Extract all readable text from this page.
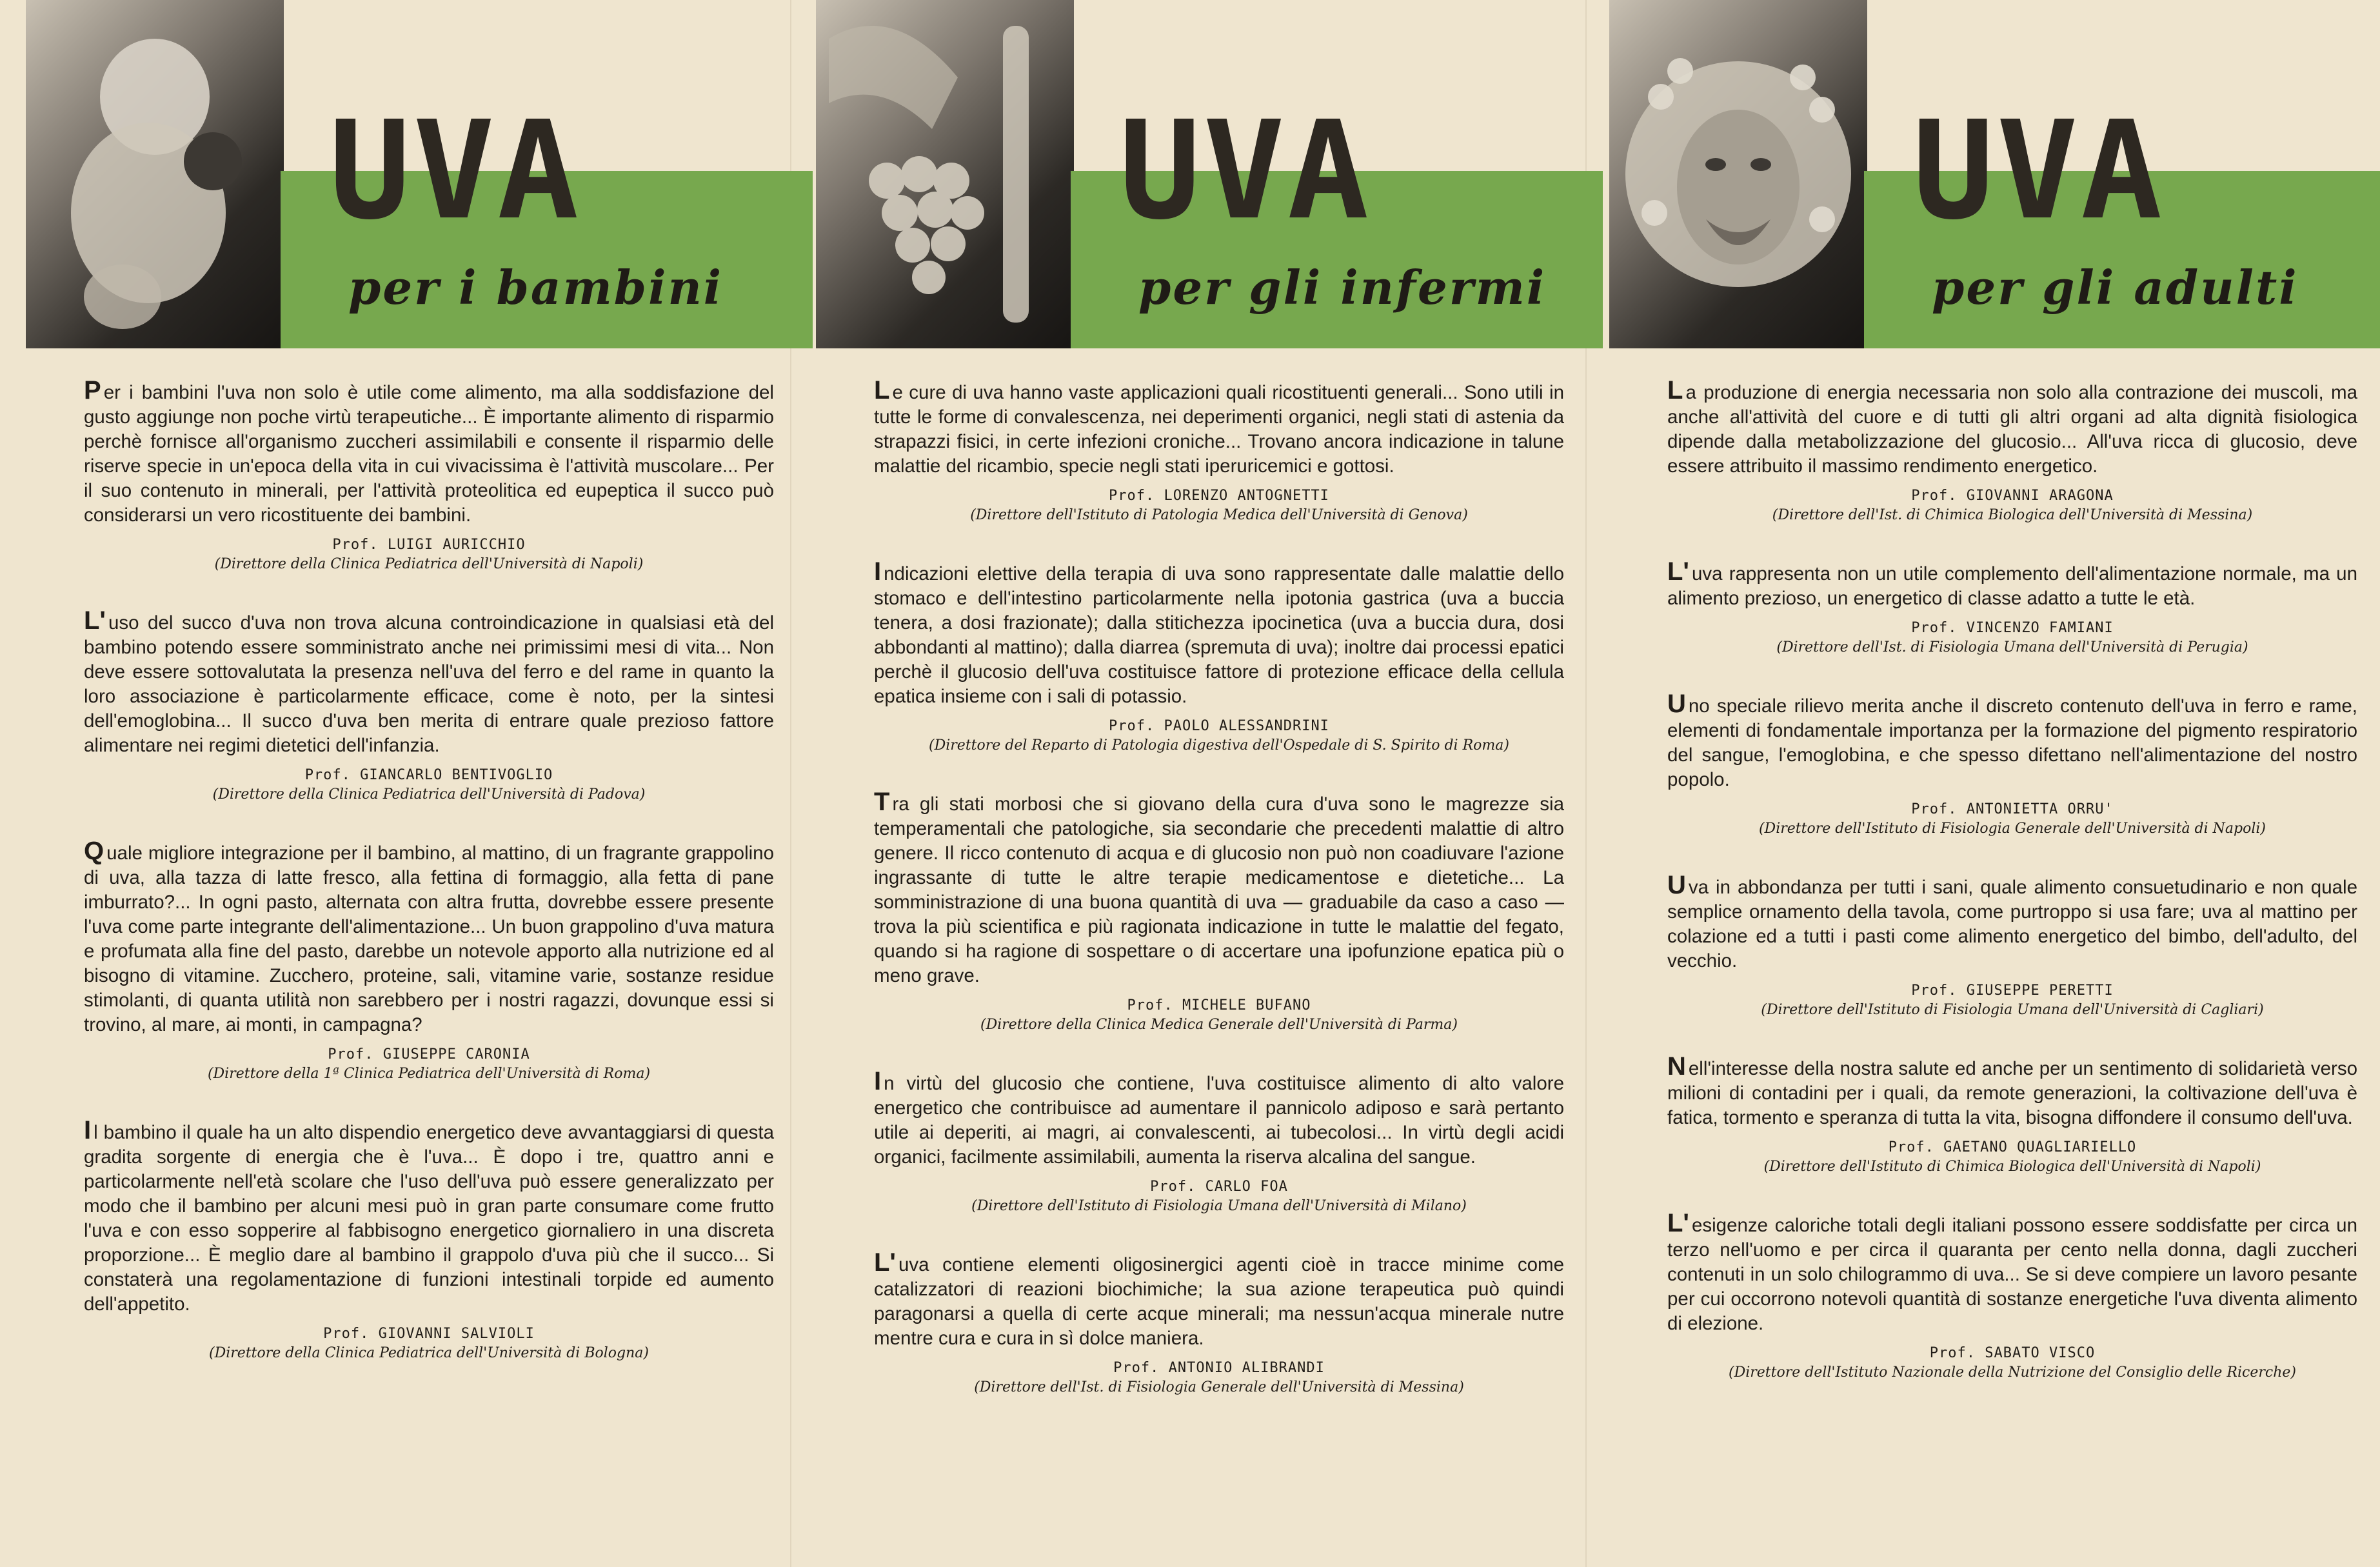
UVA
per i bambini

P er i bambini l'uva non solo è utile come alimento, ma alla soddisfazione del gusto aggiunge non poche virtù terapeutiche... È importante alimento di risparmio perchè fornisce all'organismo zuccheri assimilabili e consente il risparmio delle riserve specie in un'epoca della vita in cui vivacissima è l'attività muscolare... Per il suo contenuto in minerali, per l'attività proteolitica ed eupeptica il succo può considerarsi un vero ricostituente dei bambini.

Prof. LUIGI AURICCHIO
(Direttore della Clinica Pediatrica dell'Università di Napoli)

L' uso del succo d'uva non trova alcuna controindicazione in qualsiasi età del bambino potendo essere somministrato anche nei primissimi mesi di vita... Non deve essere sottovalutata la presenza nell'uva del ferro e del rame in quanto la loro associazione è particolarmente efficace, come è noto, per la sintesi dell'emoglobina... Il succo d'uva ben merita di entrare quale prezioso fattore alimentare nei regimi dietetici dell'infanzia.

Prof. GIANCARLO BENTIVOGLIO
(Direttore della Clinica Pediatrica dell'Università di Padova)

Q uale migliore integrazione per il bambino, al mattino, di un fragrante grappolino di uva, alla tazza di latte fresco, alla fettina di formaggio, alla fetta di pane imburrato?... In ogni pasto, alternata con altra frutta, dovrebbe essere presente l'uva come parte integrante dell'alimentazione... Un buon grappolino d'uva matura e profumata alla fine del pasto, darebbe un notevole apporto alla nutrizione ed al bisogno di vitamine. Zucchero, proteine, sali, vitamine varie, sostanze residue stimolanti, di quanta utilità non sarebbero per i nostri ragazzi, dovunque essi si trovino, al mare, ai monti, in campagna?

Prof. GIUSEPPE CARONIA
(Direttore della 1ª Clinica Pediatrica dell'Università di Roma)

I l bambino il quale ha un alto dispendio energetico deve avvantaggiarsi di questa gradita sorgente di energia che è l'uva... È dopo i tre, quattro anni e particolarmente nell'età scolare che l'uso dell'uva può essere generalizzato per modo che il bambino per alcuni mesi può in gran parte consumare come frutto l'uva e con esso sopperire al fabbisogno energetico giornaliero in una discreta proporzione... È meglio dare al bambino il grappolo d'uva più che il succo... Si constaterà una regolamentazione di funzioni intestinali torpide ed aumento dell'appetito.

Prof. GIOVANNI SALVIOLI
(Direttore della Clinica Pediatrica dell'Università di Bologna)
UVA
per gli infermi

L e cure di uva hanno vaste applicazioni quali ricostituenti generali... Sono utili in tutte le forme di convalescenza, nei deperimenti organici, negli stati di astenia da strapazzi fisici, in certe infezioni croniche... Trovano ancora indicazione in talune malattie del ricambio, specie negli stati iperuricemici e gottosi.

Prof. LORENZO ANTOGNETTI
(Direttore dell'Istituto di Patologia Medica dell'Università di Genova)

I ndicazioni elettive della terapia di uva sono rappresentate dalle malattie dello stomaco e dell'intestino particolarmente nella ipotonia gastrica (uva a buccia tenera, a dosi frazionate); dalla stitichezza ipocinetica (uva a buccia dura, dosi abbondanti al mattino); dalla diarrea (spremuta di uva); inoltre dai processi epatici perchè il glucosio dell'uva costituisce fattore di protezione efficace della cellula epatica insieme con i sali di potassio.

Prof. PAOLO ALESSANDRINI
(Direttore del Reparto di Patologia digestiva dell'Ospedale di S. Spirito di Roma)

T ra gli stati morbosi che si giovano della cura d'uva sono le magrezze sia temperamentali che patologiche, sia secondarie che precedenti malattie di altro genere. Il ricco contenuto di acqua e di glucosio non può non coadiuvare l'azione ingrassante di tutte le altre terapie medicamentose e dietetiche... La somministrazione di una buona quantità di uva — graduabile da caso a caso — trova la più scientifica e più ragionata indicazione in tutte le malattie del fegato, quando si ha ragione di sospettare o di accertare una ipofunzione epatica più o meno grave.

Prof. MICHELE BUFANO
(Direttore della Clinica Medica Generale dell'Università di Parma)

I n virtù del glucosio che contiene, l'uva costituisce alimento di alto valore energetico che contribuisce ad aumentare il pannicolo adiposo e sarà pertanto utile ai deperiti, ai magri, ai convalescenti, ai tubecolosi... In virtù degli acidi organici, facilmente assimilabili, aumenta la riserva alcalina del sangue.

Prof. CARLO FOA
(Direttore dell'Istituto di Fisiologia Umana dell'Università di Milano)

L' uva contiene elementi oligosinergici agenti cioè in tracce minime come catalizzatori di reazioni biochimiche; la sua azione terapeutica può quindi paragonarsi a quella di certe acque minerali; ma nessun'acqua minerale nutre mentre cura e cura in sì dolce maniera.

Prof. ANTONIO ALIBRANDI
(Direttore dell'Ist. di Fisiologia Generale dell'Università di Messina)
UVA
per gli adulti

L a produzione di energia necessaria non solo alla contrazione dei muscoli, ma anche all'attività del cuore e di tutti gli altri organi ad alta dignità fisiologica dipende dalla metabolizzazione del glucosio... All'uva ricca di glucosio, deve essere attribuito il massimo rendimento energetico.

Prof. GIOVANNI ARAGONA
(Direttore dell'Ist. di Chimica Biologica dell'Università di Messina)

L' uva rappresenta non un utile complemento dell'alimentazione normale, ma un alimento prezioso, un energetico di classe adatto a tutte le età.

Prof. VINCENZO FAMIANI
(Direttore dell'Ist. di Fisiologia Umana dell'Università di Perugia)

U no speciale rilievo merita anche il discreto contenuto dell'uva in ferro e rame, elementi di fondamentale importanza per la formazione del pigmento respiratorio del sangue, l'emoglobina, e che spesso difettano nell'alimentazione del nostro popolo.

Prof. ANTONIETTA ORRU'
(Direttore dell'Istituto di Fisiologia Generale dell'Università di Napoli)

U va in abbondanza per tutti i sani, quale alimento consuetudinario e non quale semplice ornamento della tavola, come purtroppo si usa fare; uva al mattino per colazione ed a tutti i pasti come alimento energetico del bimbo, dell'adulto, del vecchio.

Prof. GIUSEPPE PERETTI
(Direttore dell'Istituto di Fisiologia Umana dell'Università di Cagliari)

N ell'interesse della nostra salute ed anche per un sentimento di solidarietà verso milioni di contadini per i quali, da remote generazioni, la coltivazione dell'uva è fatica, tormento e speranza di tutta la vita, bisogna diffondere il consumo dell'uva.

Prof. GAETANO QUAGLIARIELLO
(Direttore dell'Istituto di Chimica Biologica dell'Università di Napoli)

L' esigenze caloriche totali degli italiani possono essere soddisfatte per circa un terzo nell'uomo e per circa il quaranta per cento nella donna, dagli zuccheri contenuti in un solo chilogrammo di uva... Se si deve compiere un lavoro pesante per cui occorrono notevoli quantità di sostanze energetiche l'uva diventa alimento di elezione.

Prof. SABATO VISCO
(Direttore dell'Istituto Nazionale della Nutrizione del Consiglio delle Ricerche)
